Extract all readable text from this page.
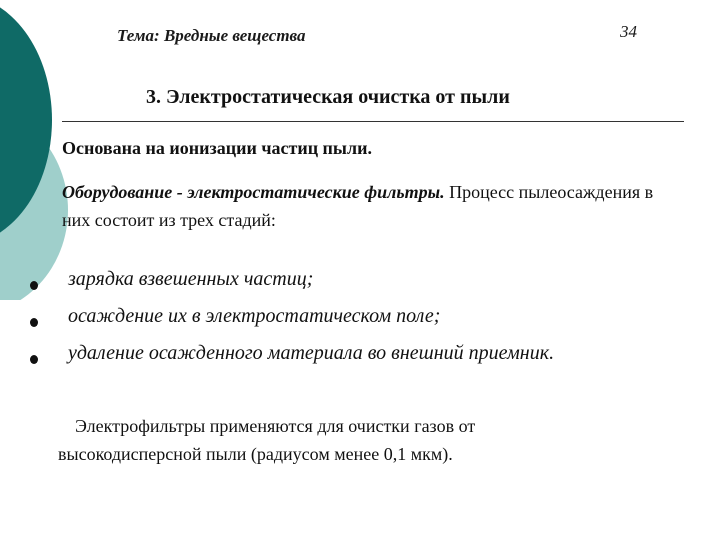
Тема: Вредные вещества	34
3. Электростатическая очистка от пыли
Основана на ионизации частиц пыли.
Оборудование - электростатические фильтры. Процесс пылеосаждения в них состоит из трех стадий:
зарядка взвешенных частиц;
осаждение их в электростатическом поле;
удаление осажденного материала во внешний приемник.
Электрофильтры применяются для очистки газов от высокодисперсной пыли (радиусом менее 0,1 мкм).
